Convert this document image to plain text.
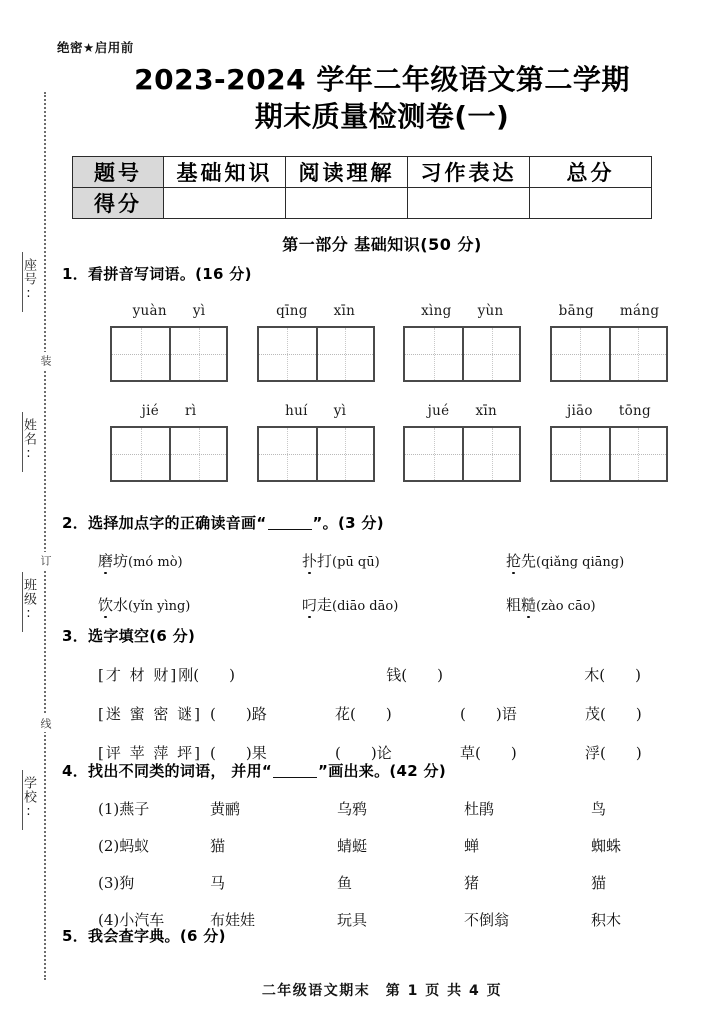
座号:
姓名:
班级:
学校:
装
订
线
绝密★启用前
2023-2024 学年二年级语文第二学期
期末质量检测卷(一)
题号	基础知识	阅读理解	习作表达	总分
得分				
第一部分 基础知识(50 分)
1．看拼音写词语。(16 分)
yuàn yì	qīng xīn	xìng yùn	bāng máng
jié rì	huí yì	jué xīn	jiāo tōng
2．选择加点字的正确读音画“	”。(3 分)
磨坊(mó mò)	扑打(pū qū)	抢先(qiǎng qiāng)
饮水(yǐn yìng)	叼走(diāo dāo)	粗糙(zào cāo)
3．选字填空(6 分)
[才 材 财] 刚(　　)	钱(　　)	木(　　)
[迷 蜜 密 谜] (　　)路	花(　　)	(　　)语	茂(　　)
[评 苹 萍 坪] (　　)果	(　　)论	草(　　)	浮(　　)
4．找出不同类的词语， 并用“	”画出来。(42 分)
(1)燕子	黄鹂	乌鸦	杜鹃	鸟
(2)蚂蚁	猫	蜻蜓	蝉	蜘蛛
(3)狗	马	鱼	猪	猫
(4)小汽车	布娃娃	玩具	不倒翁	积木
5．我会查字典。(6 分)
二年级语文期末　第 1 页 共 4 页
